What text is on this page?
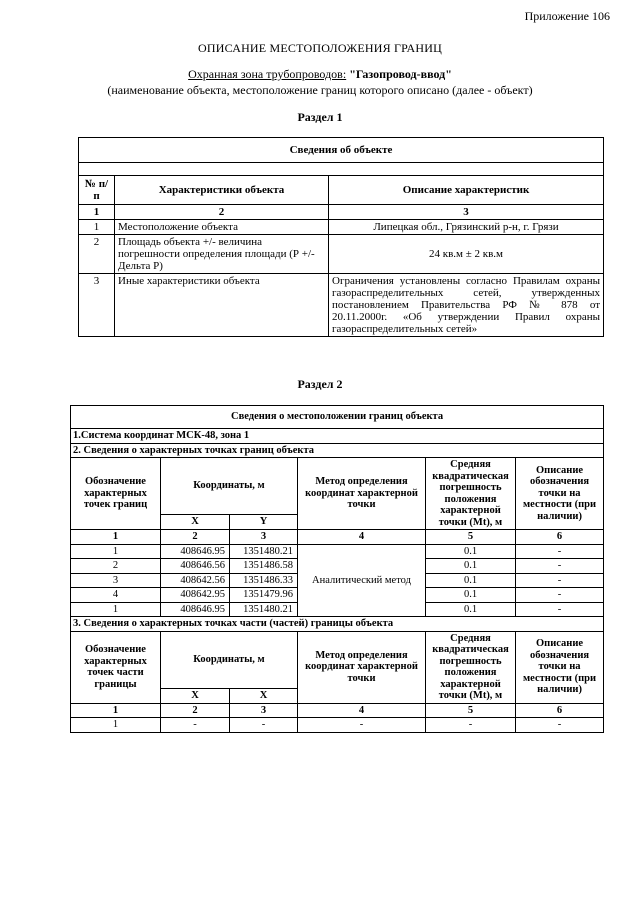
Приложение 106
ОПИСАНИЕ МЕСТОПОЛОЖЕНИЯ ГРАНИЦ
Охранная зона трубопроводов: "Газопровод-ввод"
(наименование объекта, местоположение границ которого описано (далее - объект)
Раздел 1
Сведения об объекте		

№ п/п	Характеристики объекта	Описание характеристик
1	2	3
1	Местоположение объекта	Липецкая обл., Грязинский р-н, г. Грязи
2	Площадь объекта +/- величина погрешности определения площади (Р +/- Дельта Р)	24 кв.м ± 2 кв.м
3	Иные характеристики объекта	Ограничения установлены согласно Правилам охраны газораспределительных сетей, утвержденных постановлением Правительства РФ № 878 от 20.11.2000г. «Об утверждении Правил охраны газораспределительных сетей»
Раздел 2
Сведения о местоположении границ объекта					
1.Система координат МСК-48, зона 1					
2. Сведения о характерных точках границ объекта					
Обозначение характерных точек границ	Координаты, м		Метод определения координат характерной точки	Средняя квадратическая погрешность положения характерной точки (Mt), м	Описание обозначения точки на местности (при наличии)
	X	Y			
1	2	3	4	5	6
1	408646.95	1351480.21	Аналитический метод	0.1	-
2	408646.56	1351486.58		0.1	-
3	408642.56	1351486.33		0.1	-
4	408642.95	1351479.96		0.1	-
1	408646.95	1351480.21		0.1	-
3. Сведения о характерных точках части (частей) границы объекта					
Обозначение характерных точек части границы	Координаты, м		Метод определения координат характерной точки	Средняя квадратическая погрешность положения характерной точки (Mt), м	Описание обозначения точки на местности (при наличии)
	X	X			
1	2	3	4	5	6
1	-	-	-	-	-
